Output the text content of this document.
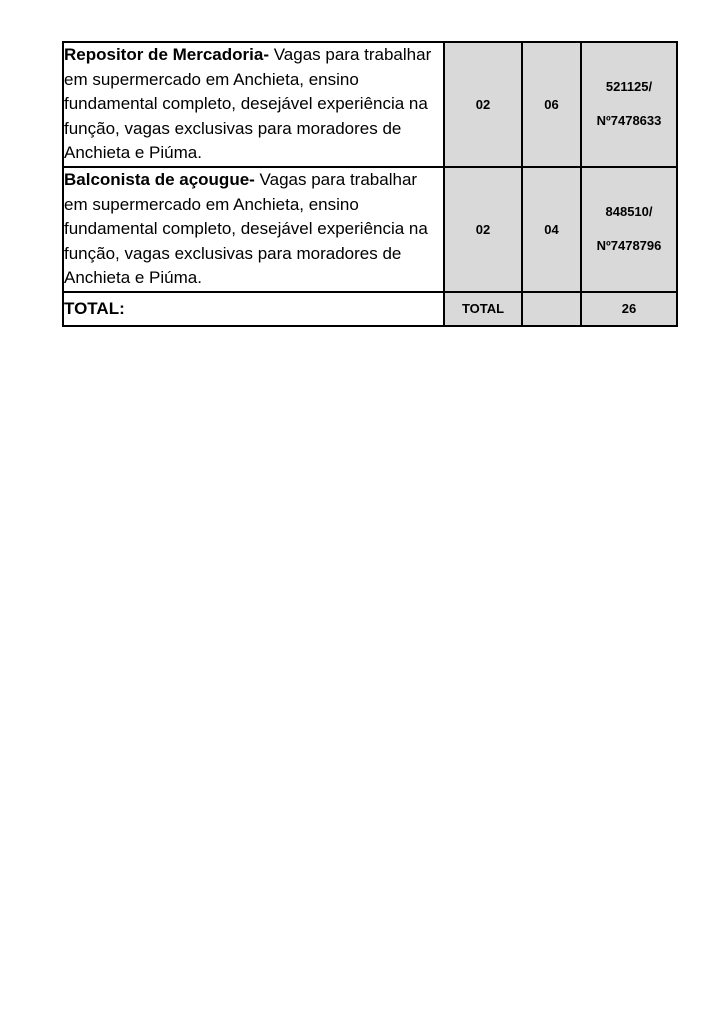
Repositor de Mercadoria- Vagas para trabalhar em supermercado em Anchieta, ensino fundamental completo, desejável experiência na função, vagas exclusivas para moradores de Anchieta e Piúma.	02	06	521125/
Nº7478633

Balconista de açougue- Vagas para trabalhar em supermercado em Anchieta, ensino fundamental completo, desejável experiência na função, vagas exclusivas para moradores de Anchieta e Piúma.	02	04	848510/
Nº7478796

TOTAL:	TOTAL		26
